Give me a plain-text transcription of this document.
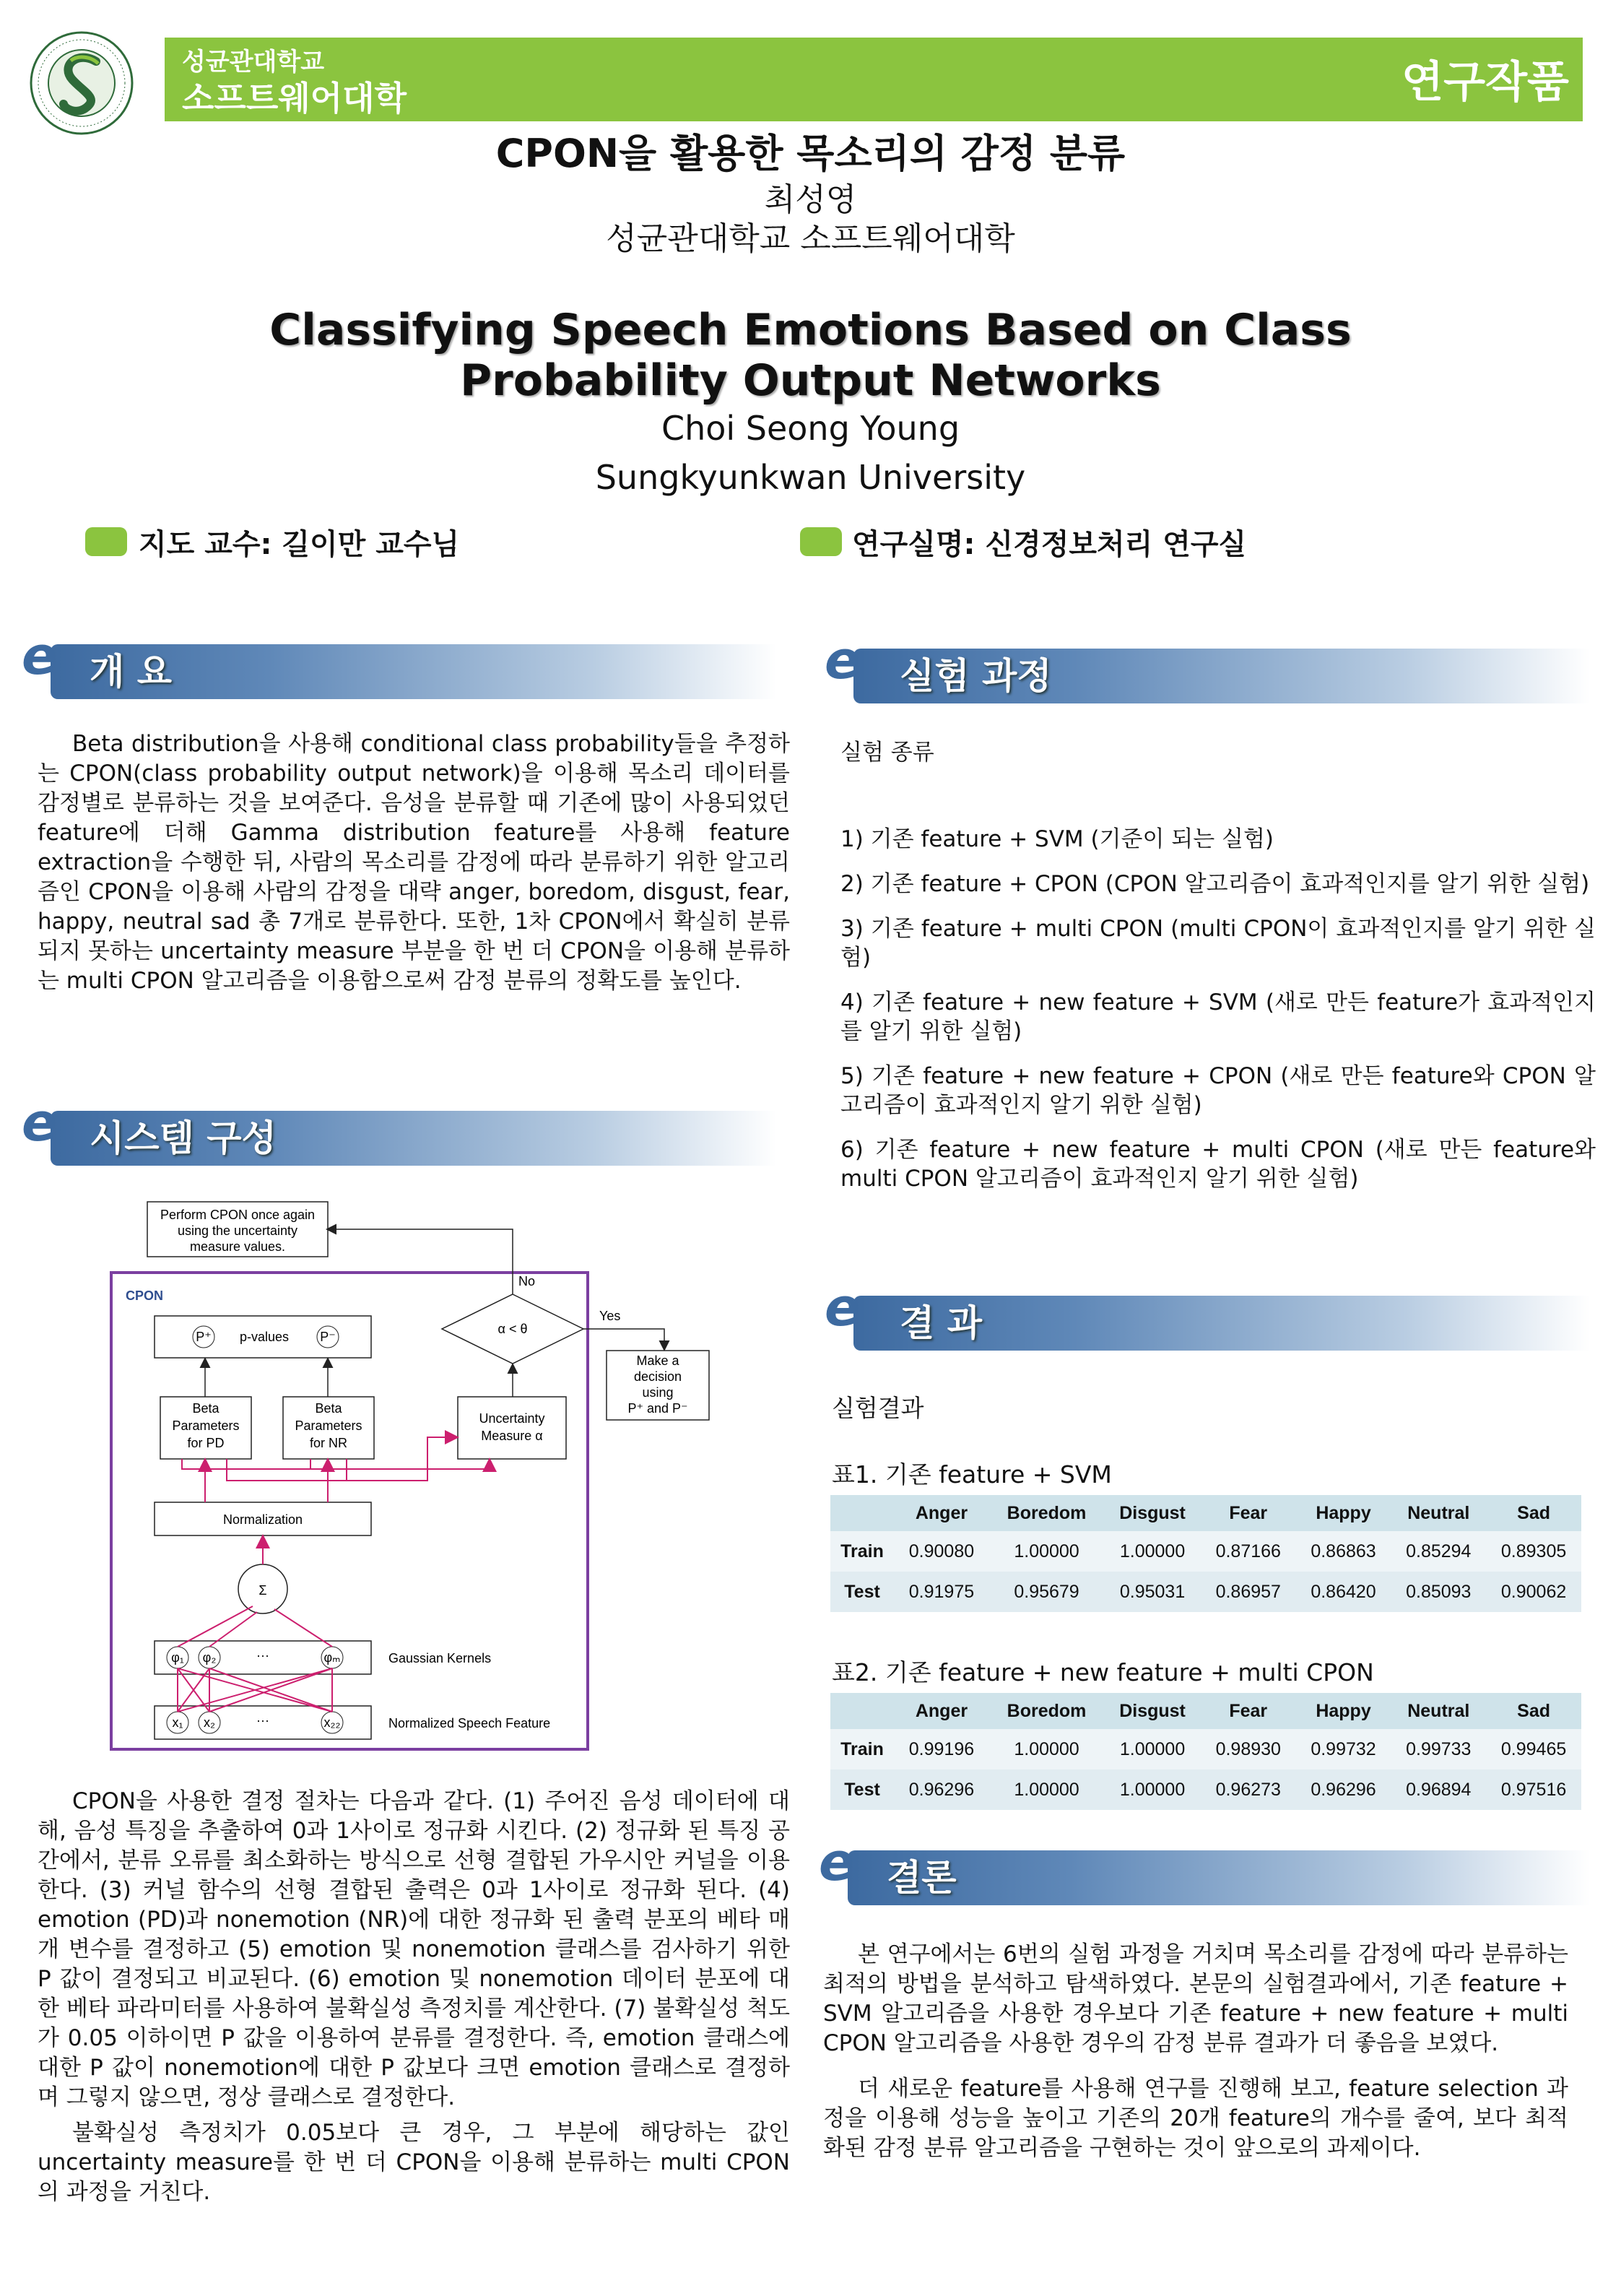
성균관대학교
소프트웨어대학	연구작품
CPON을 활용한 목소리의 감정 분류
최성영
성균관대학교 소프트웨어대학
Classifying Speech Emotions Based on Class Probability Output Networks
Choi Seong Young
Sungkyunkwan University
지도 교수: 길이만 교수님	연구실명: 신경정보처리 연구실
e 개 요

Beta distribution을 사용해 conditional class probability들을 추정하는 CPON(class probability output network)을 이용해 목소리 데이터를 감정별로 분류하는 것을 보여준다. 음성을 분류할 때 기존에 많이 사용되었던 feature에 더해 Gamma distribution feature를 사용해 feature extraction을 수행한 뒤, 사람의 목소리를 감정에 따라 분류하기 위한 알고리즘인 CPON을 이용해 사람의 감정을 대략 anger, boredom, disgust, fear, happy, neutral sad 총 7개로 분류한다. 또한, 1차 CPON에서 확실히 분류되지 못하는 uncertainty measure 부분을 한 번 더 CPON을 이용해 분류하는 multi CPON 알고리즘을 이용함으로써 감정 분류의 정확도를 높인다.

e 시스템 구성
Perform CPON once again
using the uncertainty
measure values.
CPON
No
α < θ
Yes
Make a
decision
using
P⁺ and P⁻
P⁺ p-values P⁻
Beta
Parameters
for PD
Beta
Parameters
for NR
Uncertainty
Measure α
Normalization
Σ
φ₁ φ₂	···	φₘ	Gaussian Kernels
x₁ x₂	···	x₂₂	Normalized Speech Feature

CPON을 사용한 결정 절차는 다음과 같다. (1) 주어진 음성 데이터에 대해, 음성 특징을 추출하여 0과 1사이로 정규화 시킨다. (2) 정규화 된 특징 공간에서, 분류 오류를 최소화하는 방식으로 선형 결합된 가우시안 커널을 이용한다. (3) 커널 함수의 선형 결합된 출력은 0과 1사이로 정규화 된다. (4) emotion (PD)과 nonemotion (NR)에 대한 정규화 된 출력 분포의 베타 매개 변수를 결정하고 (5) emotion 및 nonemotion 클래스를 검사하기 위한 P 값이 결정되고 비교된다. (6) emotion 및 nonemotion 데이터 분포에 대한 베타 파라미터를 사용하여 불확실성 측정치를 계산한다. (7) 불확실성 척도가 0.05 이하이면 P 값을 이용하여 분류를 결정한다. 즉, emotion 클래스에 대한 P 값이 nonemotion에 대한 P 값보다 크면 emotion 클래스로 결정하며 그렇지 않으면, 정상 클래스로 결정한다.

불확실성 측정치가 0.05보다 큰 경우, 그 부분에 해당하는 값인 uncertainty measure를 한 번 더 CPON을 이용해 분류하는 multi CPON의 과정을 거친다.

e 실험 과정

실험 종류

1) 기존 feature + SVM (기준이 되는 실험)

2) 기존 feature + CPON (CPON 알고리즘이 효과적인지를 알기 위한 실험)

3) 기존 feature + multi CPON (multi CPON이 효과적인지를 알기 위한 실험)

4) 기존 feature + new feature + SVM (새로 만든 feature가 효과적인지를 알기 위한 실험)

5) 기존 feature + new feature + CPON (새로 만든 feature와 CPON 알고리즘이 효과적인지 알기 위한 실험)

6) 기존 feature + new feature + multi CPON (새로 만든 feature와 multi CPON 알고리즘이 효과적인지 알기 위한 실험)

e 결 과
실험결과
표1. 기존 feature + SVM
	Anger	Boredom	Disgust	Fear	Happy	Neutral	Sad
Train	0.90080	1.00000	1.00000	0.87166	0.86863	0.85294	0.89305
Test	0.91975	0.95679	0.95031	0.86957	0.86420	0.85093	0.90062
표2. 기존 feature + new feature + multi CPON
	Anger	Boredom	Disgust	Fear	Happy	Neutral	Sad
Train	0.99196	1.00000	1.00000	0.98930	0.99732	0.99733	0.99465
Test	0.96296	1.00000	1.00000	0.96273	0.96296	0.96894	0.97516
e 결론

본 연구에서는 6번의 실험 과정을 거치며 목소리를 감정에 따라 분류하는 최적의 방법을 분석하고 탐색하였다. 본문의 실험결과에서, 기존 feature + SVM 알고리즘을 사용한 경우보다 기존 feature + new feature + multi CPON 알고리즘을 사용한 경우의 감정 분류 결과가 더 좋음을 보였다.

더 새로운 feature를 사용해 연구를 진행해 보고, feature selection 과정을 이용해 성능을 높이고 기존의 20개 feature의 개수를 줄여, 보다 최적화된 감정 분류 알고리즘을 구현하는 것이 앞으로의 과제이다.
